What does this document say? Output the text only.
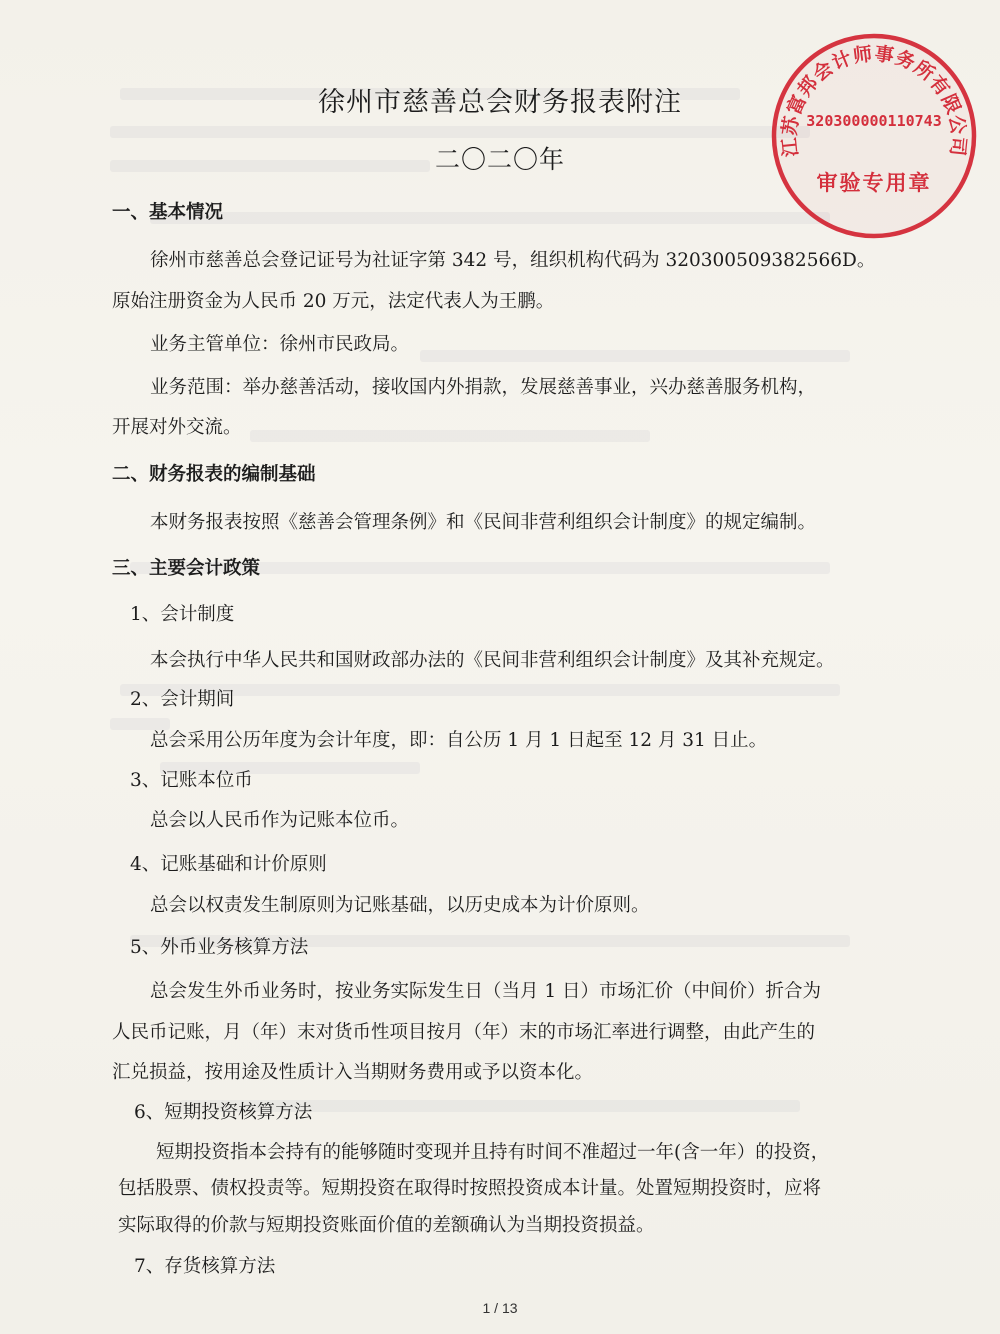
徐州市慈善总会财务报表附注
二〇二〇年
一、基本情况
徐州市慈善总会登记证号为社证字第 342 号，组织机构代码为 320300509382566D。
原始注册资金为人民币 20 万元，法定代表人为王鹏。
业务主管单位：徐州市民政局。
业务范围：举办慈善活动，接收国内外捐款，发展慈善事业，兴办慈善服务机构，
开展对外交流。
二、财务报表的编制基础
本财务报表按照《慈善会管理条例》和《民间非营利组织会计制度》的规定编制。
三、主要会计政策
1、会计制度
本会执行中华人民共和国财政部办法的《民间非营利组织会计制度》及其补充规定。
2、会计期间
总会采用公历年度为会计年度，即：自公历 1 月 1 日起至 12 月 31 日止。
3、记账本位币
总会以人民币作为记账本位币。
4、记账基础和计价原则
总会以权责发生制原则为记账基础，以历史成本为计价原则。
5、外币业务核算方法
总会发生外币业务时，按业务实际发生日（当月 1 日）市场汇价（中间价）折合为
人民币记账，月（年）末对货币性项目按月（年）末的市场汇率进行调整，由此产生的
汇兑损益，按用途及性质计入当期财务费用或予以资本化。
6、短期投资核算方法
短期投资指本会持有的能够随时变现并且持有时间不准超过一年(含一年）的投资，
包括股票、债权投责等。短期投资在取得时按照投资成本计量。处置短期投资时，应将
实际取得的价款与短期投资账面价值的差额确认为当期投资损益。
7、存货核算方法
江苏富邦会计师事务所有限公司
320300000110743
审验专用章
1 / 13
